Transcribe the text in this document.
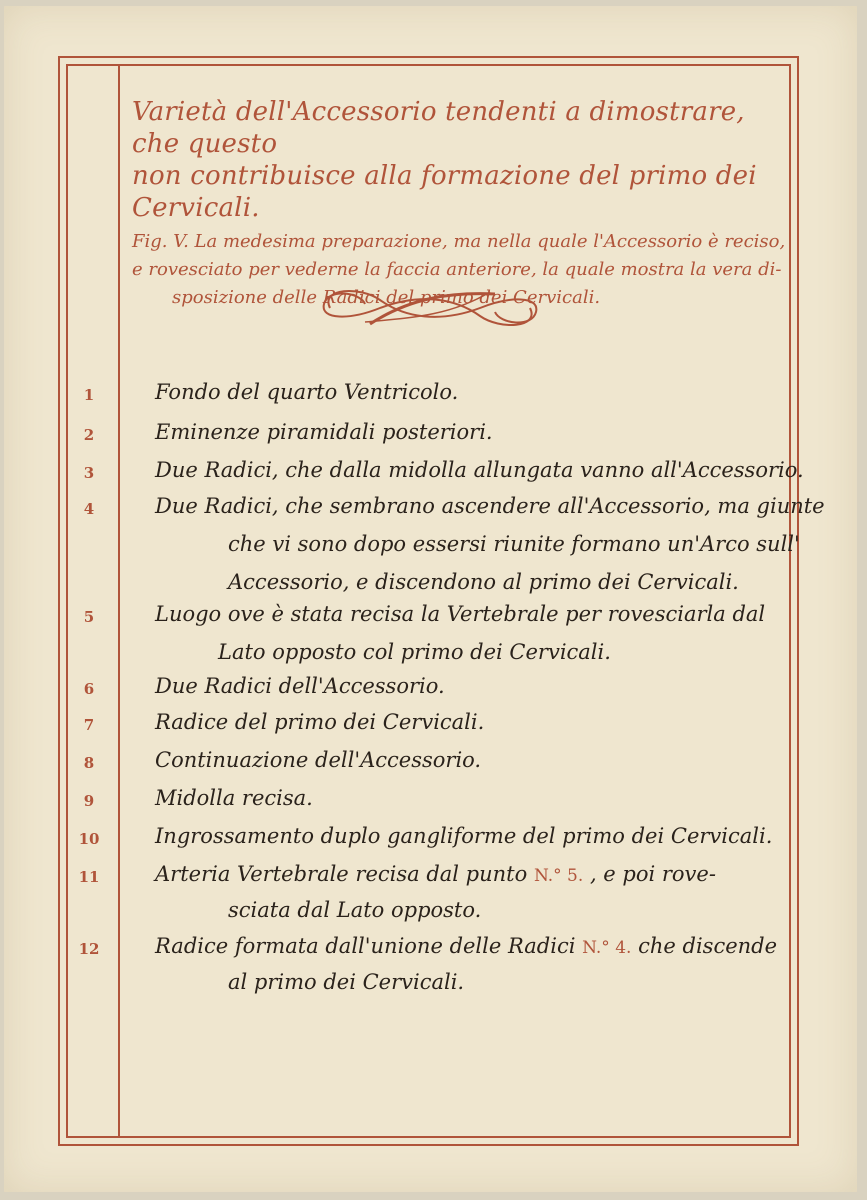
Varietà dell'Accessorio tendenti a dimostrare, che questo

non contribuisce alla formazione del primo dei Cervicali.

Fig. V. La medesima preparazione, ma nella quale l'Accessorio è reciso,

e rovesciato per vederne la faccia anteriore, la quale mostra la vera di-

sposizione delle Radici del primo dei Cervicali.

1	Fondo del quarto Ventricolo.
2	Eminenze piramidali posteriori.
3	Due Radici, che dalla midolla allungata vanno all'Accessorio.
4	Due Radici, che sembrano ascendere all'Accessorio, ma giunte
che vi sono dopo essersi riunite formano un'Arco sull'
Accessorio, e discendono al primo dei Cervicali.
5	Luogo ove è stata recisa la Vertebrale per rovesciarla dal
Lato opposto col primo dei Cervicali.
6	Due Radici dell'Accessorio.
7	Radice del primo dei Cervicali.
8	Continuazione dell'Accessorio.
9	Midolla recisa.
10	Ingrossamento duplo gangliforme del primo dei Cervicali.
11	Arteria Vertebrale recisa dal punto N.° 5. , e poi rove-
sciata dal Lato opposto.
12	Radice formata dall'unione delle Radici N.° 4. che discende
al primo dei Cervicali.
